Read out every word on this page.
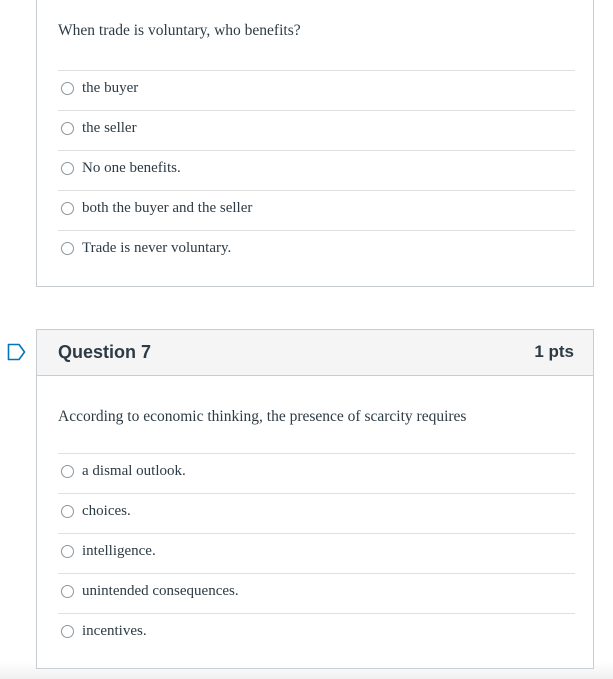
When trade is voluntary, who benefits?
the buyer
the seller
No one benefits.
both the buyer and the seller
Trade is never voluntary.
Question 7	1 pts
According to economic thinking, the presence of scarcity requires
a dismal outlook.
choices.
intelligence.
unintended consequences.
incentives.
